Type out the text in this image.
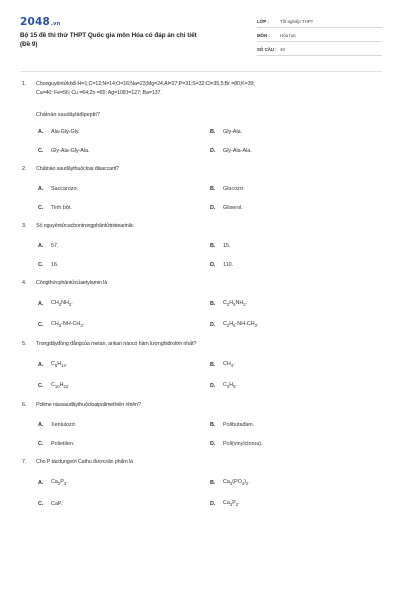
2048.vn
Bộ 15 đề thi thử THPT Quốc gia môn Hóa có đáp án chi tiết
(Đề 9)
LỚP :	Tốt nghiệp THPT
MÔN :	Hóa học
SỐ CÂU : 40
1.	Chonguyêntửkhối:H=1;C=12;N=14;O=16;Na=23;Mg=24;Al=27;P=31;S=32;Cl=35,5;Br =80;K=39;
Ca=40; Fe=56; Cu =64;Zn =65; Ag=108;I=127; Ba=137.
Chấtnào saudâylàđipeptit?
A.	Ala-Gly-Gly.	B.	Gly-Ala.
C.	Gly-Ala-Gly-Ala.	D.	Gly-Ala-Ala.
2.	Chấtnào saudâythuộcloại đisaccarit?
A.	Saccarozơ.	B.	Glucozơ.
C.	Tinh bột.	D.	Glixerol.
3.	Số nguyêntửcacbontrongphântửtristearinlà:
A.	57.	B.	15.
C.	16.	D.	110.
4.	Côngthứcphântửcủaetylamin là
A.	$CH_3NH_2$.	B.	$C_2H_5NH_2$.
C.	$CH_3-NH-CH_3$.	D.	$C_2H_5-NH-CH_3$.
5.	Trongdãyđồng đẳngcủa metan, ankan nàocó hàm lượnghiđrolớn nhất?
A.	$C_6H_{14}$.	B.	$CH_4$.
C.	$C_{10}H_{22}$.	D.	$C_3H_8$.
6.	Polime nàosauđâythuộcloạipolimethiên nhiên?
A.	Xenlulozơ.	B.	Polibutađien.
C.	Polietilen.	D.	Poli(vinylclorua).
7.	Cho P tácdụngvới Cathu đượcsản phẩm là
A.	$Ca_2P_3$.	B.	$Ca_3(PO_4)_2$.
C.	CaP.	D.	$Ca_3P_2$.
